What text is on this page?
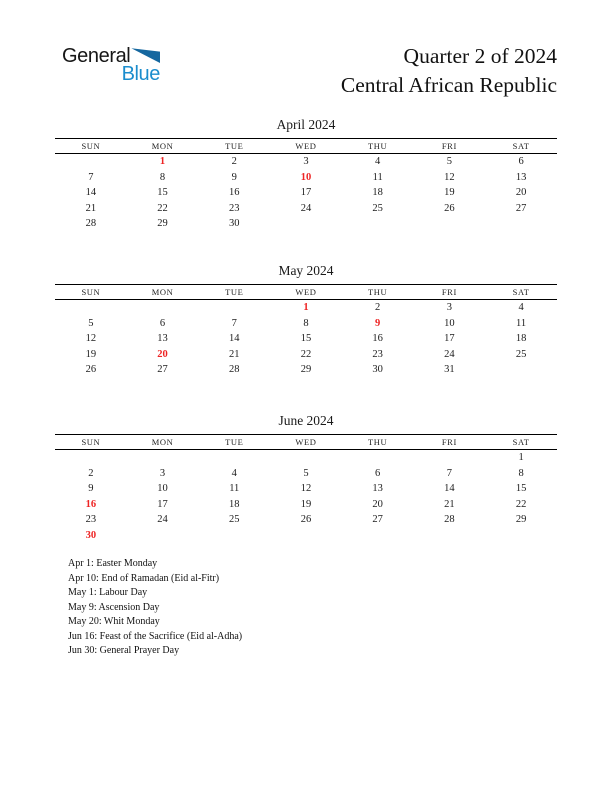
General
Blue
Quarter 2 of 2024
Central African Republic
April 2024
SUN	MON	TUE	WED	THU	FRI	SAT
	1	2	3	4	5	6
7	8	9	10	11	12	13
14	15	16	17	18	19	20
21	22	23	24	25	26	27
28	29	30				
May 2024
SUN	MON	TUE	WED	THU	FRI	SAT
			1	2	3	4
5	6	7	8	9	10	11
12	13	14	15	16	17	18
19	20	21	22	23	24	25
26	27	28	29	30	31	
June 2024
SUN	MON	TUE	WED	THU	FRI	SAT
						1
2	3	4	5	6	7	8
9	10	11	12	13	14	15
16	17	18	19	20	21	22
23	24	25	26	27	28	29
30						
Apr 1: Easter Monday
Apr 10: End of Ramadan (Eid al-Fitr)
May 1: Labour Day
May 9: Ascension Day
May 20: Whit Monday
Jun 16: Feast of the Sacrifice (Eid al-Adha)
Jun 30: General Prayer Day
